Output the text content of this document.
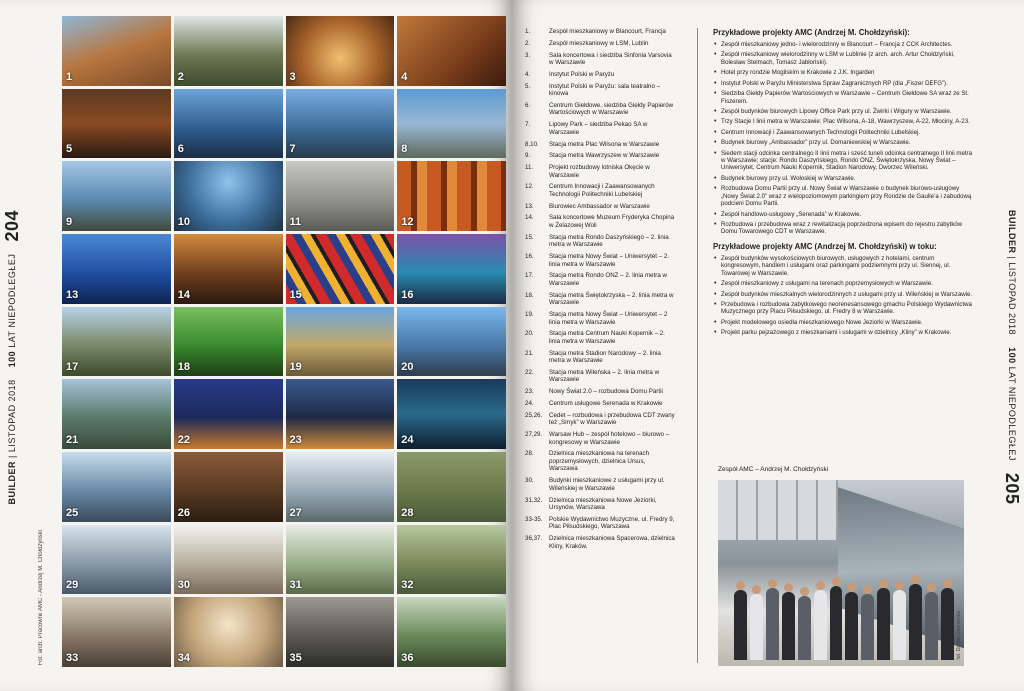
BUILDER | LISTOPAD 2018    100 LAT NIEPODLEGŁEJ    204
Fot. arch. Pracownii AMC - Andrzej M. Chołdzyński
1	2	3	4
5	6	7	8
9	10	11	12
13	14	15	16
17	18	19	20
21	22	23	24
25	26	27	28
29	30	31	32
33	34	35	36
BUILDER | LISTOPAD 2018    100 LAT NIEPODLEGŁEJ    205
1.	Zespół mieszkaniowy w Blancourt, Francja
2.	Zespół mieszkaniowy w LSM, Lublin
3.	Sala koncertowa i siedziba Sinfonia Varsovia w Warszawie
4.	Instytut Polski w Paryżu
5.	Instytut Polski w Paryżu: sala teatralno – kinowa
6.	Centrum Giełdowe, siedziba Giełdy Papierów Wartościowych w Warszawie
7.	Lipowy Park – siedziba Pekao SA w Warszawie
8,10.	Stacja metra Plac Wilsona w Warszawie
9.	Stacja metra Wawrzyszew w Warszawie
11.	Projekt rozbudowy lotniska Okęcie w Warszawie
12.	Centrum Innowacji i Zaawansowanych Technologii Politechniki Lubelskiej
13.	Biurowiec Ambassador w Warszawie
14.	Sala koncertowe Muzeum Fryderyka Chopina w Żelazowej Woli
15.	Stacja metra Rondo Daszyńskiego – 2. linia metra w Warszawie
16.	Stacja metra Nowy Świat – Uniwersytet – 2. linia metra w Warszawie
17.	Stacja metra Rondo ONZ – 2. linia metra w Warszawie
18.	Stacja metra Świętokrzyska – 2. linia metra w Warszawie
19.	Stacja metra Nowy Świat – Uniwersytet – 2 linia metra w Warszawie
20.	Stacja metra Centrum Nauki Kopernik – 2. linia metra w Warszawie
21.	Stacja metra Stadion Narodowy – 2. linia metra w Warszawie
22.	Stacja metra Wileńska – 2. linia metra w Warszawie
23.	Nowy Świat 2.0 – rozbudowa Domu Partii
24.	Centrum usługowe Serenada w Krakowie
25,26.	Cedet – rozbudowa i przebudowa CDT zwany też „Smyk” w Warszawie
27,29.	Warsaw Hub – zespół hotelowo – biurowo – kongresowy w Warszawie
28.	Dzielnica mieszkaniowa na terenach poprzemysłowych, dzielnica Ursus, Warszawa
30.	Budynki mieszkaniowe z usługami przy ul. Wileńskiej w Warszawie
31,32.	Dzielnica mieszkaniowa Nowe Jeziorki, Ursynów, Warszawa
33-35.	Polskie Wydawnictwo Muzyczne, ul. Fredry 9, Plac Piłsudskiego, Warszawa
36,37.	Dzielnica mieszkaniowa Spacerowa, dzielnica Kliny, Kraków.
Przykładowe projekty AMC (Andrzej M. Chołdzyński):
• Zespół mieszkaniowy jedno- i wielorodzinny w Blancourt – Francja z CCK Architectes.
• Zespół mieszkaniowy wielorodzinny w LSM w Lublinie (z arch. arch. Artur Chołdzyński, Bolesław Stelmach, Tomasz Jabłoński).
• Hotel przy rondzie Mogilskim w Krakowie z J.K. Ingarden
• Instytut Polski w Paryżu Ministerstwa Spraw Zagranicznych RP (dla „Fiszer DEFG”).
• Siedziba Giełdy Papierów Wartościowych w Warszawie – Centrum Giełdowe SA wraz ze St. Fiszerem.
• Zespół budynków biurowych Lipowy Office Park przy ul. Żwirki i Wigury w Warszawie.
• Trzy Stacje I linii metra w Warszawie: Plac Wilsona, A-18, Wawrzyszew, A-22, Młociny, A-23.
• Centrum Innowacji i Zaawansowanych Technologii Politechniki Lubelskiej.
• Budynek biurowy „Ambassador” przy ul. Domaniewskiej w Warszawie.
• Siedem stacji odcinka centralnego II linii metra i sześć tuneli odcinka centralnego II linii metra w Warszawie; stacje: Rondo Daszyńskiego, Rondo ONZ, Świętokrzyska, Nowy Świat – Uniwersytet, Centrum Nauki Kopernik, Stadion Narodowy, Dworzec Wileński.
• Budynek biurowy przy ul. Wołoskiej w Warszawie.
• Rozbudowa Domu Partii przy ul. Nowy Świat w Warszawie o budynek biurowo-usługowy „Nowy Świat 2.0” wraz z wielopoziomowym parkingiem przy Rondzie de Gaulle’a i zabudową podcieni Domu Partii.
• Zespół handlowo-usługowy „Serenada” w Krakowie.
• Rozbudowa i przebudowa wraz z rewitalizacją poprzedzona wpisem do rejestru zabytków Domu Towarowego CDT w Warszawie.
Przykładowe projekty AMC (Andrzej M. Chołdzyński) w toku:
• Zespół budynków wysokościowych biurowych, usługowych z hotelami, centrum kongresowym, handlem i usługami oraz parkingami podziemnymi przy ul. Siennej, ul. Towarowej w Warszawie.
• Zespół mieszkaniowy z usługami na terenach poprzemysłowych w Warszawie.
• Zespół budynków mieszkalnych wielorodzinnych z usługami przy ul. Wileńskiej w Warszawie.
• Przebudowa i rozbudowa zabytkowego neorenesansowego gmachu Polskiego Wydawnictwa Muzycznego przy Placu Piłsudskiego, ul. Fredry 8 w Warszawie.
• Projekt modelowego osiedla mieszkaniowego Nowe Jeziorki w Warszawie.
• Projekt parku pejzażowego z mieszkaniami i usługami w dzielnicy „Kliny” w Krakowie.
Zespół AMC – Andrzej M. Chołdzyński
fot. Dorota Czarnecka
